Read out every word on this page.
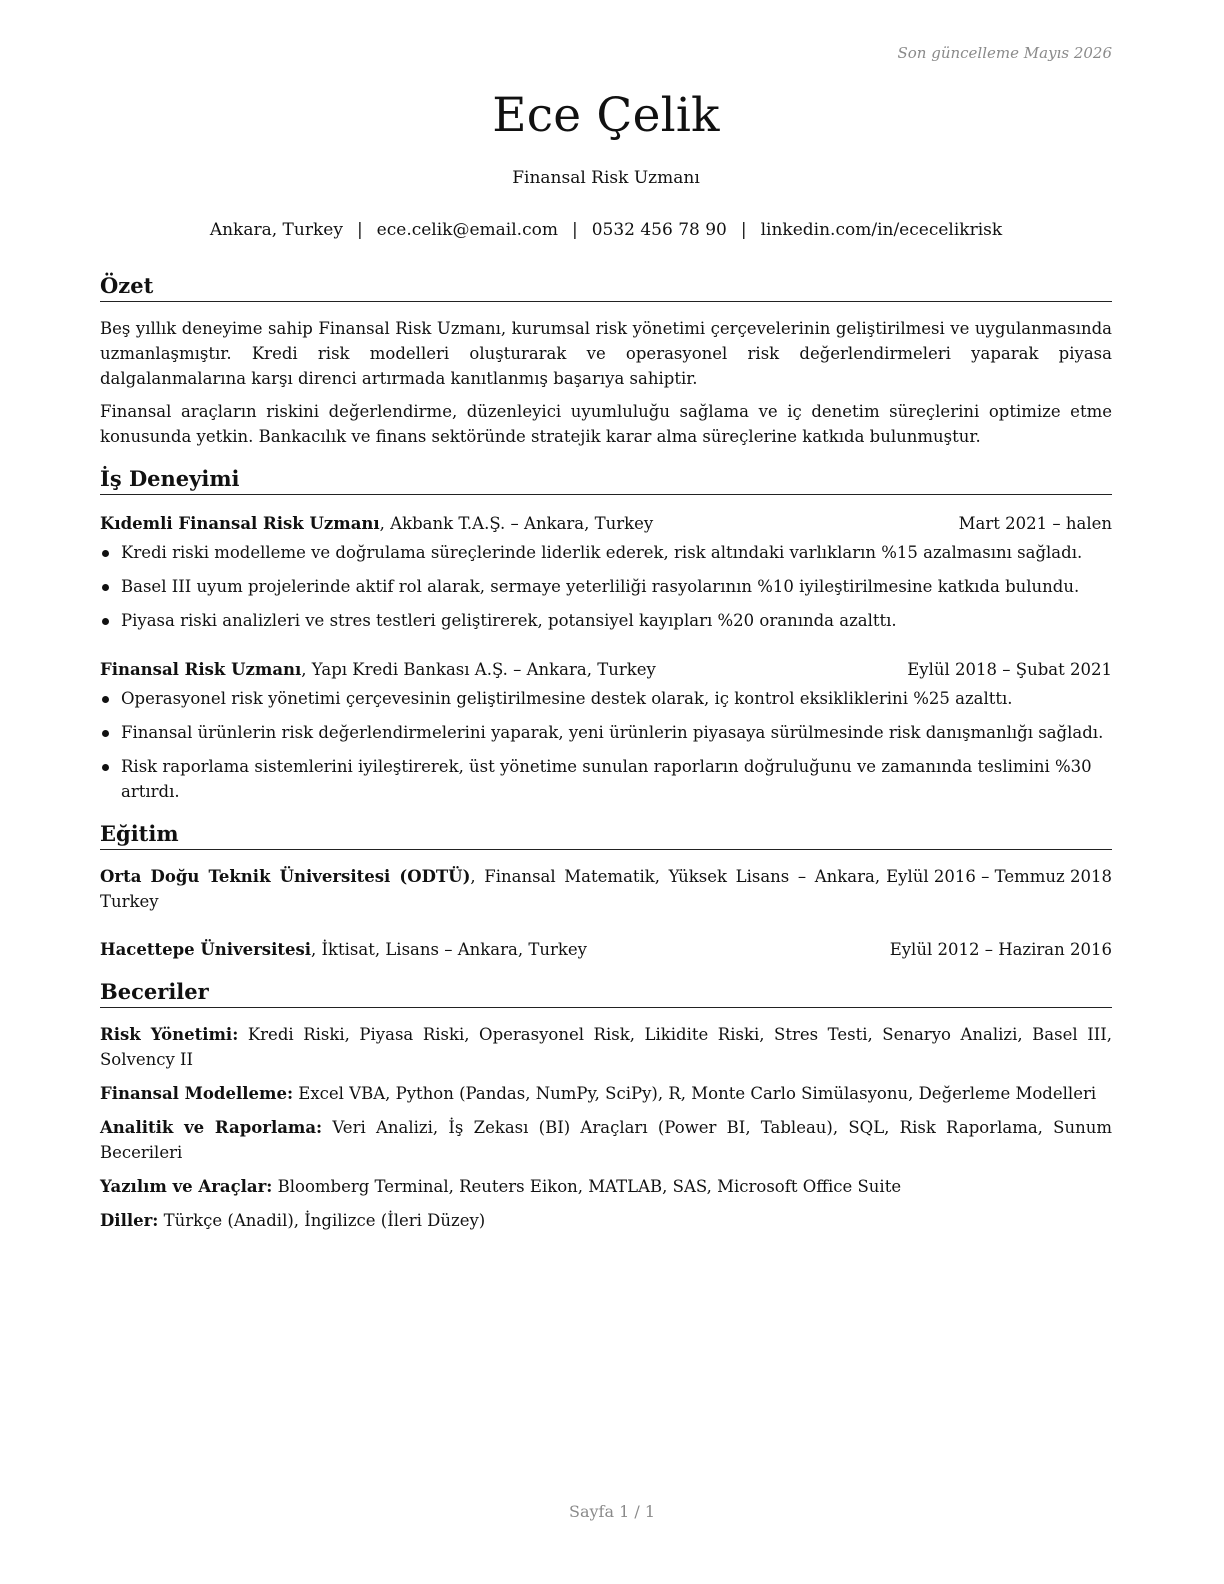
Son güncelleme Mayıs 2026
Ece Çelik
Finansal Risk Uzmanı
Ankara, Turkey | ece.celik@email.com | 0532 456 78 90 | linkedin.com/in/ececelikrisk
Özet

Beş yıllık deneyime sahip Finansal Risk Uzmanı, kurumsal risk yönetimi çerçevelerinin geliştirilmesi ve uygulanmasında uzmanlaşmıştır. Kredi risk modelleri oluşturarak ve operasyonel risk değerlendirmeleri yaparak piyasa dalgalanmalarına karşı direnci artırmada kanıtlanmış başarıya sahiptir.

Finansal araçların riskini değerlendirme, düzenleyici uyumluluğu sağlama ve iç denetim süreçlerini optimize etme konusunda yetkin. Bankacılık ve finans sektöründe stratejik karar alma süreçlerine katkıda bulunmuştur.

İş Deneyimi
Kıdemli Finansal Risk Uzmanı, Akbank T.A.Ş. – Ankara, Turkey	Mart 2021 – halen
Kredi riski modelleme ve doğrulama süreçlerinde liderlik ederek, risk altındaki varlıkların %15 azalmasını sağladı.
Basel III uyum projelerinde aktif rol alarak, sermaye yeterliliği rasyolarının %10 iyileştirilmesine katkıda bulundu.
Piyasa riski analizleri ve stres testleri geliştirerek, potansiyel kayıpları %20 oranında azalttı.
Finansal Risk Uzmanı, Yapı Kredi Bankası A.Ş. – Ankara, Turkey	Eylül 2018 – Şubat 2021
Operasyonel risk yönetimi çerçevesinin geliştirilmesine destek olarak, iç kontrol eksikliklerini %25 azalttı.
Finansal ürünlerin risk değerlendirmelerini yaparak, yeni ürünlerin piyasaya sürülmesinde risk danışmanlığı sağladı.
Risk raporlama sistemlerini iyileştirerek, üst yönetime sunulan raporların doğruluğunu ve zamanında teslimini %30 artırdı.
Eğitim
Orta Doğu Teknik Üniversitesi (ODTÜ), Finansal Matematik, Yüksek Lisans – Ankara, Turkey
Eylül 2016 – Temmuz 2018
Hacettepe Üniversitesi, İktisat, Lisans – Ankara, Turkey	Eylül 2012 – Haziran 2016
Beceriler

Risk Yönetimi: Kredi Riski, Piyasa Riski, Operasyonel Risk, Likidite Riski, Stres Testi, Senaryo Analizi, Basel III, Solvency II

Finansal Modelleme: Excel VBA, Python (Pandas, NumPy, SciPy), R, Monte Carlo Simülasyonu, Değerleme Modelleri

Analitik ve Raporlama: Veri Analizi, İş Zekası (BI) Araçları (Power BI, Tableau), SQL, Risk Raporlama, Sunum Becerileri

Yazılım ve Araçlar: Bloomberg Terminal, Reuters Eikon, MATLAB, SAS, Microsoft Office Suite

Diller: Türkçe (Anadil), İngilizce (İleri Düzey)

Sayfa 1 / 1
